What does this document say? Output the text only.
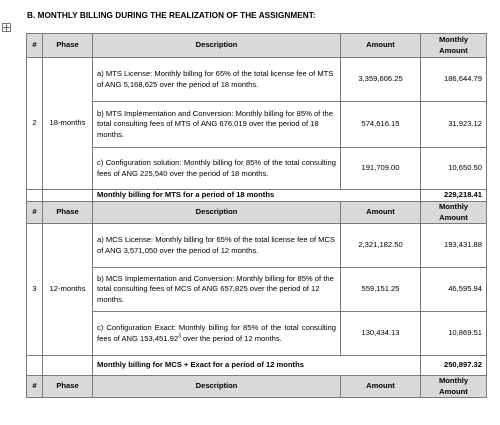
B. MONTHLY BILLING DURING THE REALIZATION OF THE ASSIGNMENT:
#	Phase	Description	Amount	Monthly Amount
2	18-months	a) MTS License: Monthly billing for 65% of the total license fee of MTS of ANG 5,168,625 over the period of 18 months.	3,359,606.25	186,644.79
		b) MTS Implementation and Conversion: Monthly billing for 85% of the total consulting fees of MTS of ANG 676,019 over the period of 18 months.	574,616.15	31,923.12
		c) Configuration solution: Monthly billing for 85% of the total consulting fees of ANG 225,540 over the period of 18 months.	191,709.00	10,650.50
		Monthly billing for MTS for a period of 18 months		229,218.41
#	Phase	Description	Amount	Monthly Amount
3	12-months	a) MCS License: Monthly billing for 65% of the total license fee of MCS of ANG 3,571,050 over the period of 12 months.	2,321,182.50	193,431.88
		b) MCS Implementation and Conversion: Monthly billing for 85% of the total consulting fees of MCS of ANG 657,825 over the period of 12 months.	559,151.25	46,595.94
		c) Configuration Exact: Monthly billing for 85% of the total consulting fees of ANG 153,451.92$^3$ over the period of 12 months.	130,434.13	10,869.51
		Monthly billing for MCS + Exact for a period of 12 months		250,897.32
#	Phase	Description	Amount	Monthly Amount
